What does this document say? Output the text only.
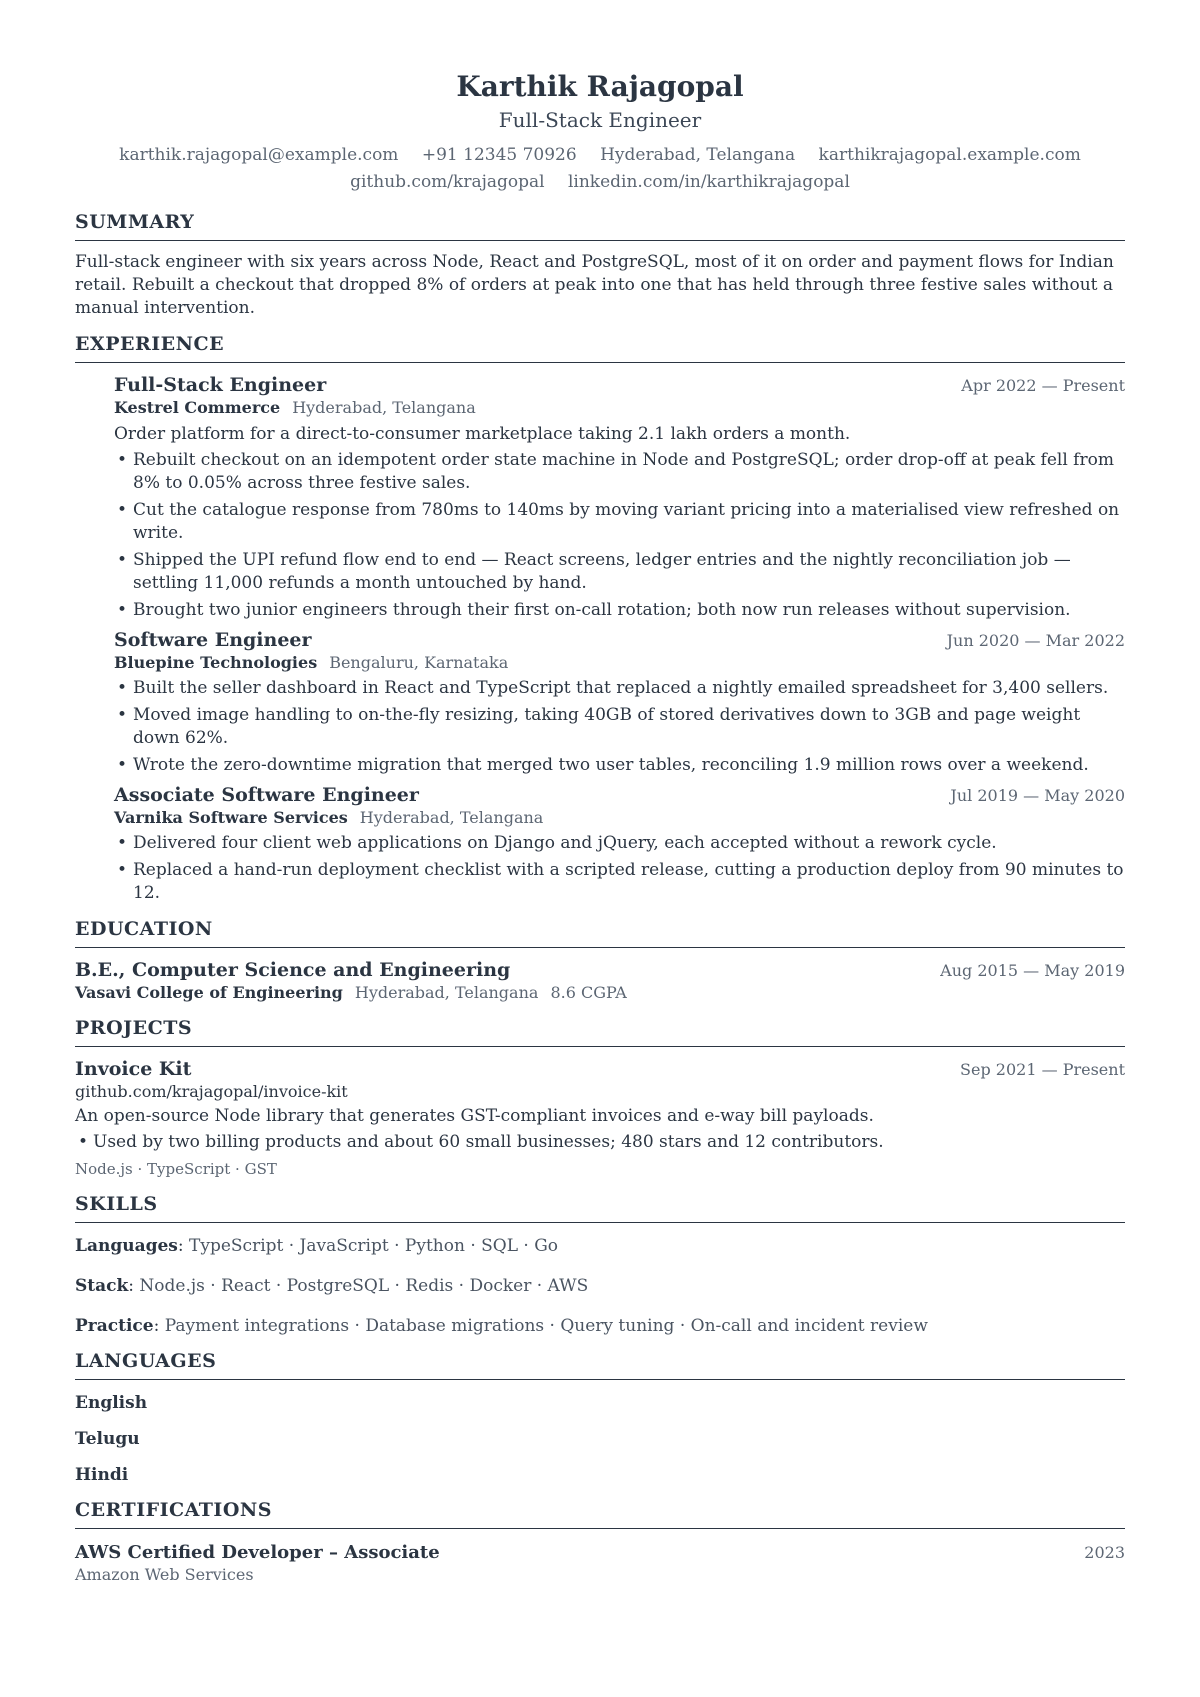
Karthik Rajagopal
Full-Stack Engineer
karthik.rajagopal@example.com +91 12345 70926 Hyderabad, Telangana karthikrajagopal.example.com
github.com/krajagopal linkedin.com/in/karthikrajagopal
SUMMARY

Full-stack engineer with six years across Node, React and PostgreSQL, most of it on order and payment flows for Indian retail. Rebuilt a checkout that dropped 8% of orders at peak into one that has held through three festive sales without a manual intervention.

EXPERIENCE
Full-Stack Engineer	Apr 2022 — Present
Kestrel Commerce Hyderabad, Telangana
Order platform for a direct-to-consumer marketplace taking 2.1 lakh orders a month.
• Rebuilt checkout on an idempotent order state machine in Node and PostgreSQL; order drop-off at peak fell from 8% to 0.05% across three festive sales.
• Cut the catalogue response from 780ms to 140ms by moving variant pricing into a materialised view refreshed on write.
• Shipped the UPI refund flow end to end — React screens, ledger entries and the nightly reconciliation job — settling 11,000 refunds a month untouched by hand.
• Brought two junior engineers through their first on-call rotation; both now run releases without supervision.
Software Engineer	Jun 2020 — Mar 2022
Bluepine Technologies Bengaluru, Karnataka
• Built the seller dashboard in React and TypeScript that replaced a nightly emailed spreadsheet for 3,400 sellers.
• Moved image handling to on-the-fly resizing, taking 40GB of stored derivatives down to 3GB and page weight down 62%.
• Wrote the zero-downtime migration that merged two user tables, reconciling 1.9 million rows over a weekend.
Associate Software Engineer	Jul 2019 — May 2020
Varnika Software Services Hyderabad, Telangana
• Delivered four client web applications on Django and jQuery, each accepted without a rework cycle.
• Replaced a hand-run deployment checklist with a scripted release, cutting a production deploy from 90 minutes to 12.
EDUCATION
B.E., Computer Science and Engineering	Aug 2015 — May 2019
Vasavi College of Engineering Hyderabad, Telangana 8.6 CGPA
PROJECTS
Invoice Kit	Sep 2021 — Present
github.com/krajagopal/invoice-kit
An open-source Node library that generates GST-compliant invoices and e-way bill payloads.
• Used by two billing products and about 60 small businesses; 480 stars and 12 contributors.
Node.js · TypeScript · GST
SKILLS
Languages: TypeScript · JavaScript · Python · SQL · Go
Stack: Node.js · React · PostgreSQL · Redis · Docker · AWS
Practice: Payment integrations · Database migrations · Query tuning · On-call and incident review
LANGUAGES
English
Telugu
Hindi
CERTIFICATIONS
AWS Certified Developer – Associate	2023
Amazon Web Services
